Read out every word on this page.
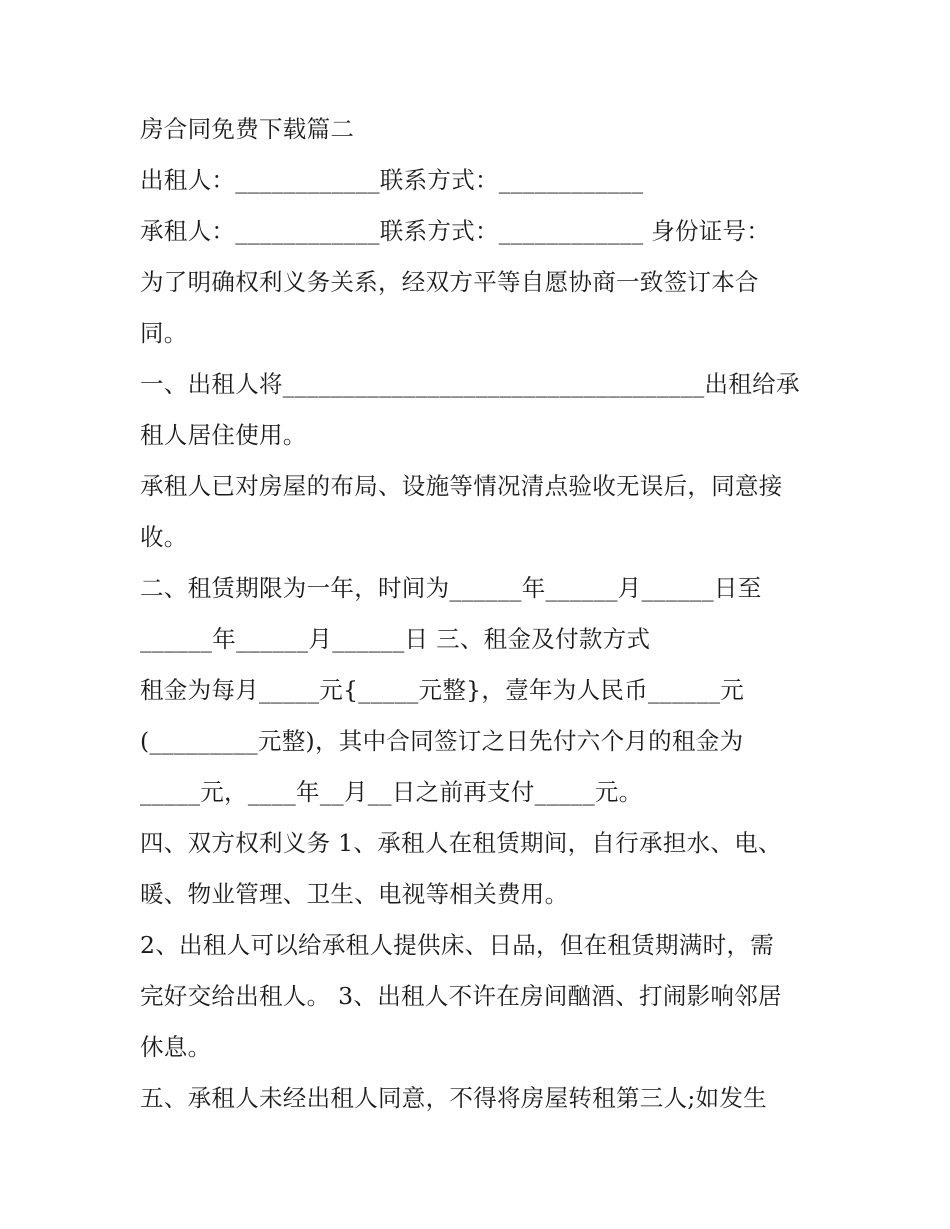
房合同免费下载篇二
出租人：____________联系方式：____________
承租人：____________联系方式：____________ 身份证号：
为了明确权利义务关系，经双方平等自愿协商一致签订本合
同。
一、出租人将___________________________________出租给承
租人居住使用。
承租人已对房屋的布局、设施等情况清点验收无误后，同意接
收。
二、租赁期限为一年，时间为______年______月______日至
______年______月______日 三、租金及付款方式
租金为每月_____元{_____元整}，壹年为人民币______元
(_________元整)，其中合同签订之日先付六个月的租金为
_____元，____年__月__日之前再支付_____元。
四、双方权利义务 1、承租人在租赁期间，自行承担水、电、
暖、物业管理、卫生、电视等相关费用。
2、出租人可以给承租人提供床、日品，但在租赁期满时，需
完好交给出租人。 3、出租人不许在房间酗酒、打闹影响邻居
休息。
五、承租人未经出租人同意，不得将房屋转租第三人;如发生
